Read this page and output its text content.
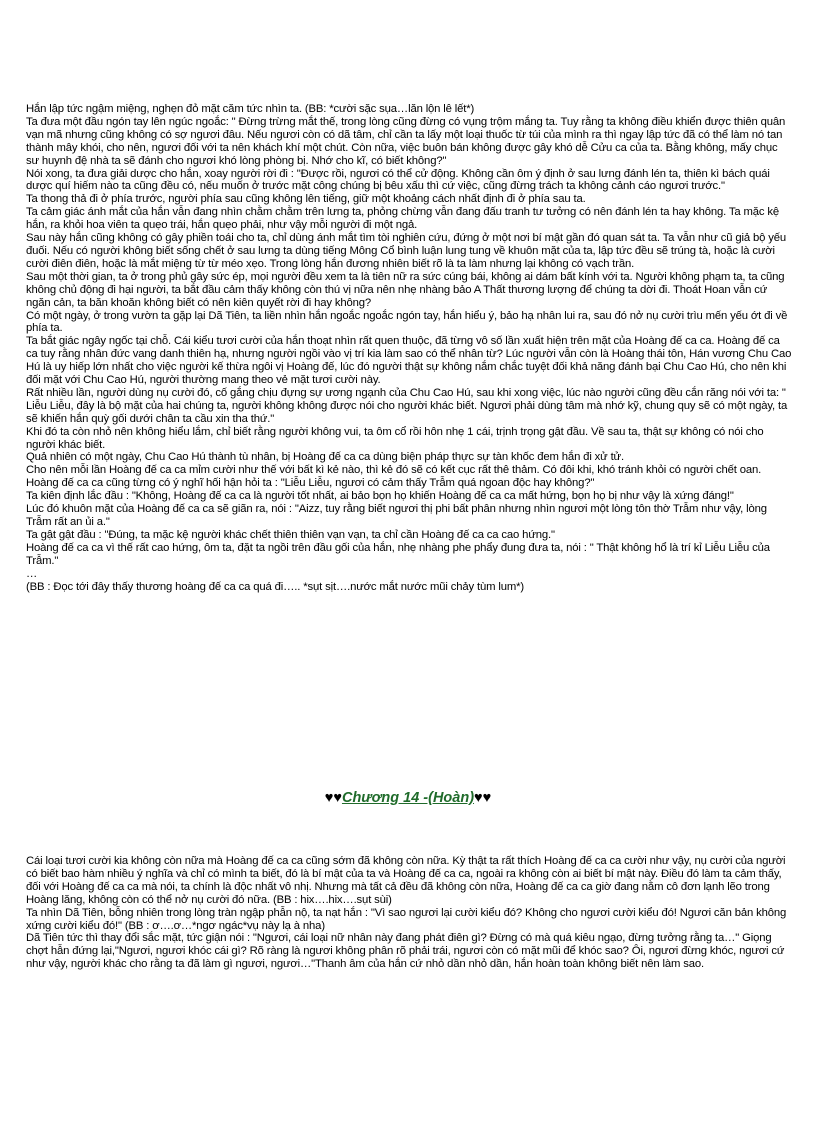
Hắn lập tức ngậm miệng, nghẹn đỏ mặt căm tức nhìn ta. (BB: *cười sặc sụa…lăn lộn lê lết*)

Ta đưa một đầu ngón tay lên ngúc ngoắc: " Đừng trừng mắt thế, trong lòng cũng đừng có vụng trộm mắng ta. Tuy rằng ta không điều khiển được thiên quân vạn mã nhưng cũng không có sợ ngươi đâu. Nếu ngươi còn có dã tâm, chỉ cần ta lấy một loại thuốc từ túi của mình ra thì ngay lập tức đã có thể làm nó tan thành mây khói, cho nên, ngươi đối với ta nên khách khí một chút. Còn nữa, việc buôn bán không được gây khó dễ Cửu ca của ta. Bằng không, mấy chục sư huynh đệ nhà ta sẽ đánh cho ngươi khó lòng phòng bị. Nhớ cho kĩ, có biết không?"

Nói xong, ta đưa giải dược cho hắn, xoay người rời đi : "Được rồi, ngươi có thể cử động. Không cần ôm ý định ở sau lưng đánh lén ta, thiên kì bách quái dược quí hiếm nào ta cũng đều có, nếu muốn ở trước mặt công chúng bị bêu xấu thì cứ việc, cũng đừng trách ta không cảnh cáo ngươi trước."

Ta thong thả đi ở phía trước, người phía sau cũng không lên tiếng, giữ một khoảng cách nhất định đi ở phía sau ta.

Ta cảm giác ánh mắt của hắn vẫn đang nhìn chằm chằm trên lưng ta, phỏng chừng vẫn đang đấu tranh tư tưởng có nên đánh lén ta hay không. Ta mặc kệ hắn, ra khỏi hoa viên ta quẹo trái, hắn quẹo phải, như vậy mỗi người đi một ngả.

Sau này hắn cũng không có gây phiền toái cho ta, chỉ dùng ánh mắt tìm tòi nghiên cứu, đứng ở một nơi bí mật gần đó quan sát ta. Ta vẫn như cũ giả bộ yếu đuối. Nếu có người không biết sống chết ở sau lưng ta dùng tiếng Mông Cổ bình luận lung tung về khuôn mặt của ta, lập tức đều sẽ trúng tà, hoặc là cười cười điên điên, hoặc là mắt miệng từ từ méo xẹo. Trong lòng hắn đương nhiên biết rõ là ta làm nhưng lại không có vạch trần.

Sau một thời gian, ta ở trong phủ gây sức ép, mọi người đều xem ta là tiên nữ ra sức cúng bái, không ai dám bất kính với ta. Người không phạm ta, ta cũng không chủ động đi hại người, ta bắt đầu cảm thấy không còn thú vị nữa nên nhẹ nhàng bảo A Thất thương lượng để chúng ta dời đi. Thoát Hoan vẫn cứ ngăn cản, ta băn khoăn không biết có nên kiên quyết rời đi hay không?

Có một ngày, ở trong vườn ta gặp lại Dã Tiên, ta liền nhìn hắn ngoắc ngoắc ngón tay, hắn hiểu ý, bảo hạ nhân lui ra, sau đó nở nụ cười trìu mến yếu ớt đi về phía ta.

Ta bắt giác ngây ngốc tại chỗ. Cái kiểu tươi cười của hắn thoạt nhìn rất quen thuộc, đã từng vô số lần xuất hiện trên mặt của Hoàng đế ca ca. Hoàng đế ca ca tuy rằng nhân đức vang danh thiên hạ, nhưng người ngồi vào vị trí kia làm sao có thể nhân từ? Lúc người vẫn còn là Hoàng thái tôn, Hán vương Chu Cao Hú là uy hiếp lớn nhất cho việc người kế thừa ngôi vị Hoàng đế, lúc đó người thật sự không nắm chắc tuyệt đối khả năng đánh bại Chu Cao Hú, cho nên khi đối mặt với Chu Cao Hú, người thường mang theo vẻ mặt tươi cười này.

Rất nhiều lần, người dùng nụ cười đó, cố gắng chịu đựng sự ương ngạnh của Chu Cao Hú, sau khi xong việc, lúc nào người cũng đều cắn răng nói với ta: " Liễu Liễu, đây là bộ mặt của hai chúng ta, người không không được nói cho người khác biết. Ngươi phải dùng tâm mà nhớ kỹ, chung quy sẽ có một ngày, ta sẽ khiến hắn quỳ gối dưới chân ta cầu xin tha thứ."

Khi đó ta còn nhỏ nên không hiểu lắm, chỉ biết rằng người không vui, ta ôm cổ rồi hôn nhẹ 1 cái, trịnh trọng gật đầu. Về sau ta, thật sự không có nói cho người khác biết.

Quả nhiên có một ngày, Chu Cao Hú thành tù nhân, bị Hoàng đế ca ca dùng biện pháp thực sự tàn khốc đem hắn đi xử tử.

Cho nên mỗi lần Hoàng đế ca ca mỉm cười như thế với bất kì kẻ nào, thì kẻ đó sẽ có kết cục rất thê thảm. Có đôi khi, khó tránh khỏi có người chết oan.

Hoàng đế ca ca cũng từng có ý nghĩ hối hận hỏi ta : "Liễu Liễu, ngươi có cảm thấy Trẫm quá ngoan độc hay không?"

Ta kiên định lắc đầu : "Không, Hoàng đế ca ca là người tốt nhất, ai bảo bọn họ khiến Hoàng đế ca ca mất hứng, bọn họ bị như vậy là xứng đáng!"

Lúc đó khuôn mặt của Hoàng đế ca ca sẽ giãn ra, nói : "Aizz, tuy rằng biết ngươi thị phi bất phân nhưng nhìn ngươi một lòng tôn thờ Trẫm như vậy, lòng Trẫm rất an ủi a."

Ta gật gật đầu : "Đúng, ta mặc kệ người khác chết thiên thiên vạn vạn, ta chỉ cần Hoàng đế ca ca cao hứng."

Hoàng đế ca ca vì thế rất cao hứng, ôm ta, đặt ta ngồi trên đầu gối của hắn, nhẹ nhàng phe phẩy đung đưa ta, nói : " Thật không hổ là trí kỉ Liễu Liễu của Trẫm."

…

(BB : Đọc tới đây thấy thương hoàng đế ca ca quá đi….. *sụt sịt….nước mắt nước mũi chảy tùm lum*)

♥♥Chương 14 -(Hoàn)♥♥

Cái loại tươi cười kia không còn nữa mà Hoàng đế ca ca cũng sớm đã không còn nữa. Kỳ thật ta rất thích Hoàng đế ca ca cười như vậy, nụ cười của người có biết bao hàm nhiều ý nghĩa và chỉ có mình ta biết, đó là bí mật của ta và Hoàng đế ca ca, ngoài ra không còn ai biết bí mật này. Điều đó làm ta cảm thấy, đối với Hoàng đế ca ca mà nói, ta chính là độc nhất vô nhị. Nhưng mà tất cả đều đã không còn nữa, Hoàng đế ca ca giờ đang nằm cô đơn lạnh lẽo trong Hoàng lăng, không còn có thể nở nụ cười đó nữa. (BB : hix….hix….sụt sùi)

Ta nhìn Dã Tiên, bỗng nhiên trong lòng tràn ngập phẫn nộ, ta nạt hắn : "Vì sao ngươi lại cười kiểu đó? Không cho ngươi cười kiểu đó! Ngươi căn bản không xứng cười kiểu đó!" (BB : ơ….ơ…*ngơ ngác*vụ này lạ à nha)

Dã Tiên tức thì thay đổi sắc mặt, tức giận nói : "Ngươi, cái loại nữ nhân này đang phát điên gì? Đừng có mà quá kiêu ngạo, đừng tưởng rằng ta…" Giọng chợt hẫn đứng lại,"Ngươi, ngươi khóc cái gì? Rõ ràng là ngươi không phân rõ phải trái, ngươi còn có mặt mũi để khóc sao? Ôi, ngươi đừng khóc, ngươi cứ như vậy, người khác cho rằng ta đã làm gì ngươi, ngươi…"Thanh âm của hắn cứ nhỏ dần nhỏ dần, hắn hoàn toàn không biết nên làm sao.
